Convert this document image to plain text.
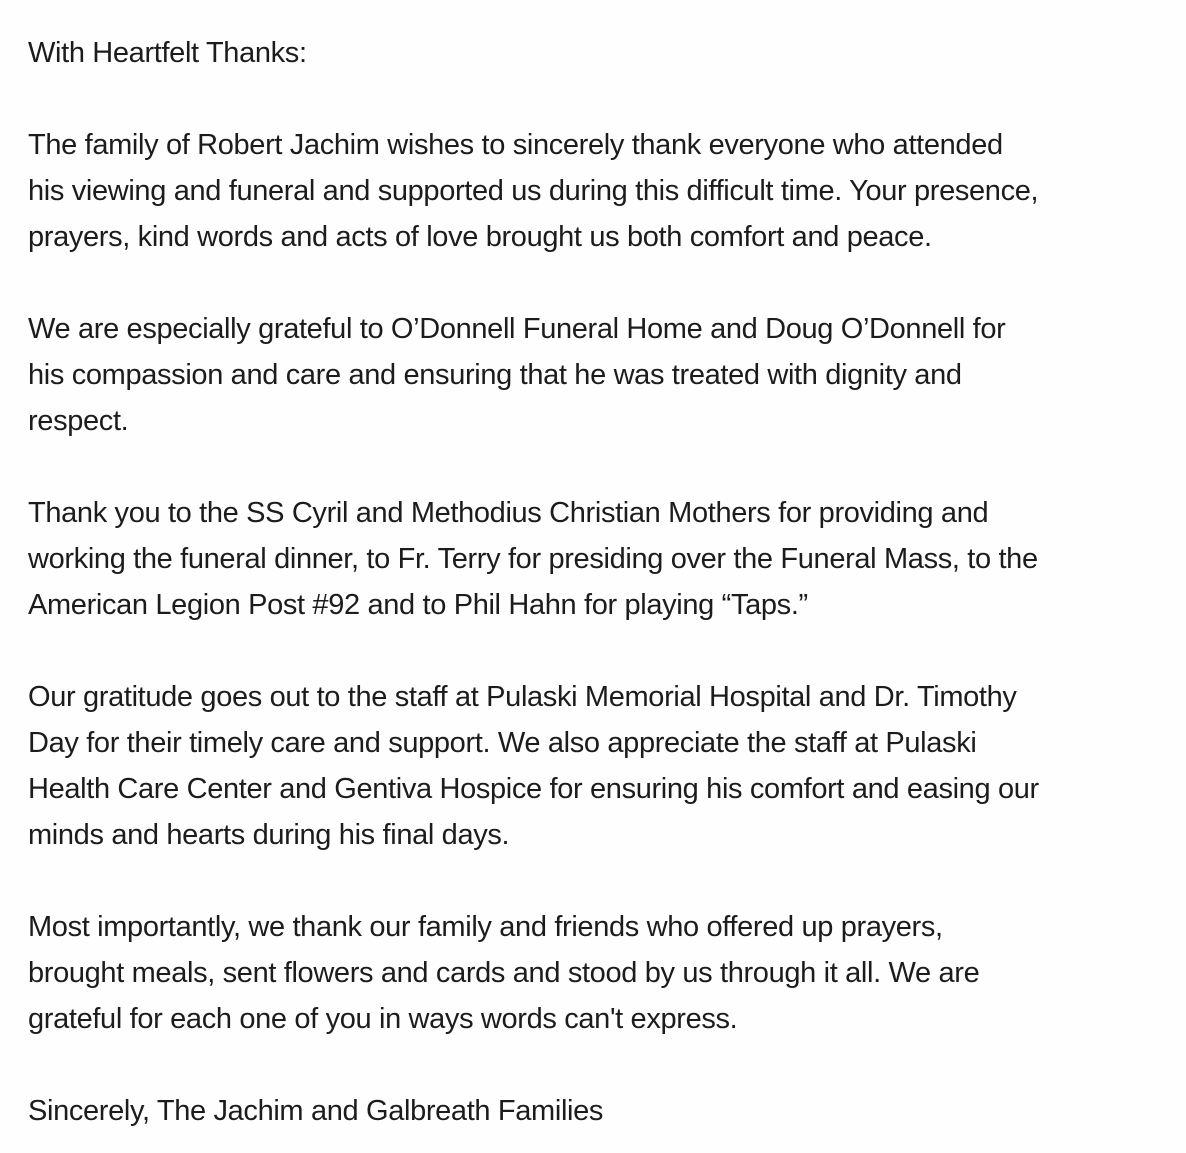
With Heartfelt Thanks:
The family of Robert Jachim wishes to sincerely thank everyone who attended
his viewing and funeral and supported us during this difficult time. Your presence,
prayers, kind words and acts of love brought us both comfort and peace.
We are especially grateful to O’Donnell Funeral Home and Doug O’Donnell for
his compassion and care and ensuring that he was treated with dignity and
respect.
Thank you to the SS Cyril and Methodius Christian Mothers for providing and
working the funeral dinner, to Fr. Terry for presiding over the Funeral Mass, to the
American Legion Post #92 and to Phil Hahn for playing “Taps.”
Our gratitude goes out to the staff at Pulaski Memorial Hospital and Dr. Timothy
Day for their timely care and support. We also appreciate the staff at Pulaski
Health Care Center and Gentiva Hospice for ensuring his comfort and easing our
minds and hearts during his final days.
Most importantly, we thank our family and friends who offered up prayers,
brought meals, sent flowers and cards and stood by us through it all. We are
grateful for each one of you in ways words can't express.
Sincerely, The Jachim and Galbreath Families
